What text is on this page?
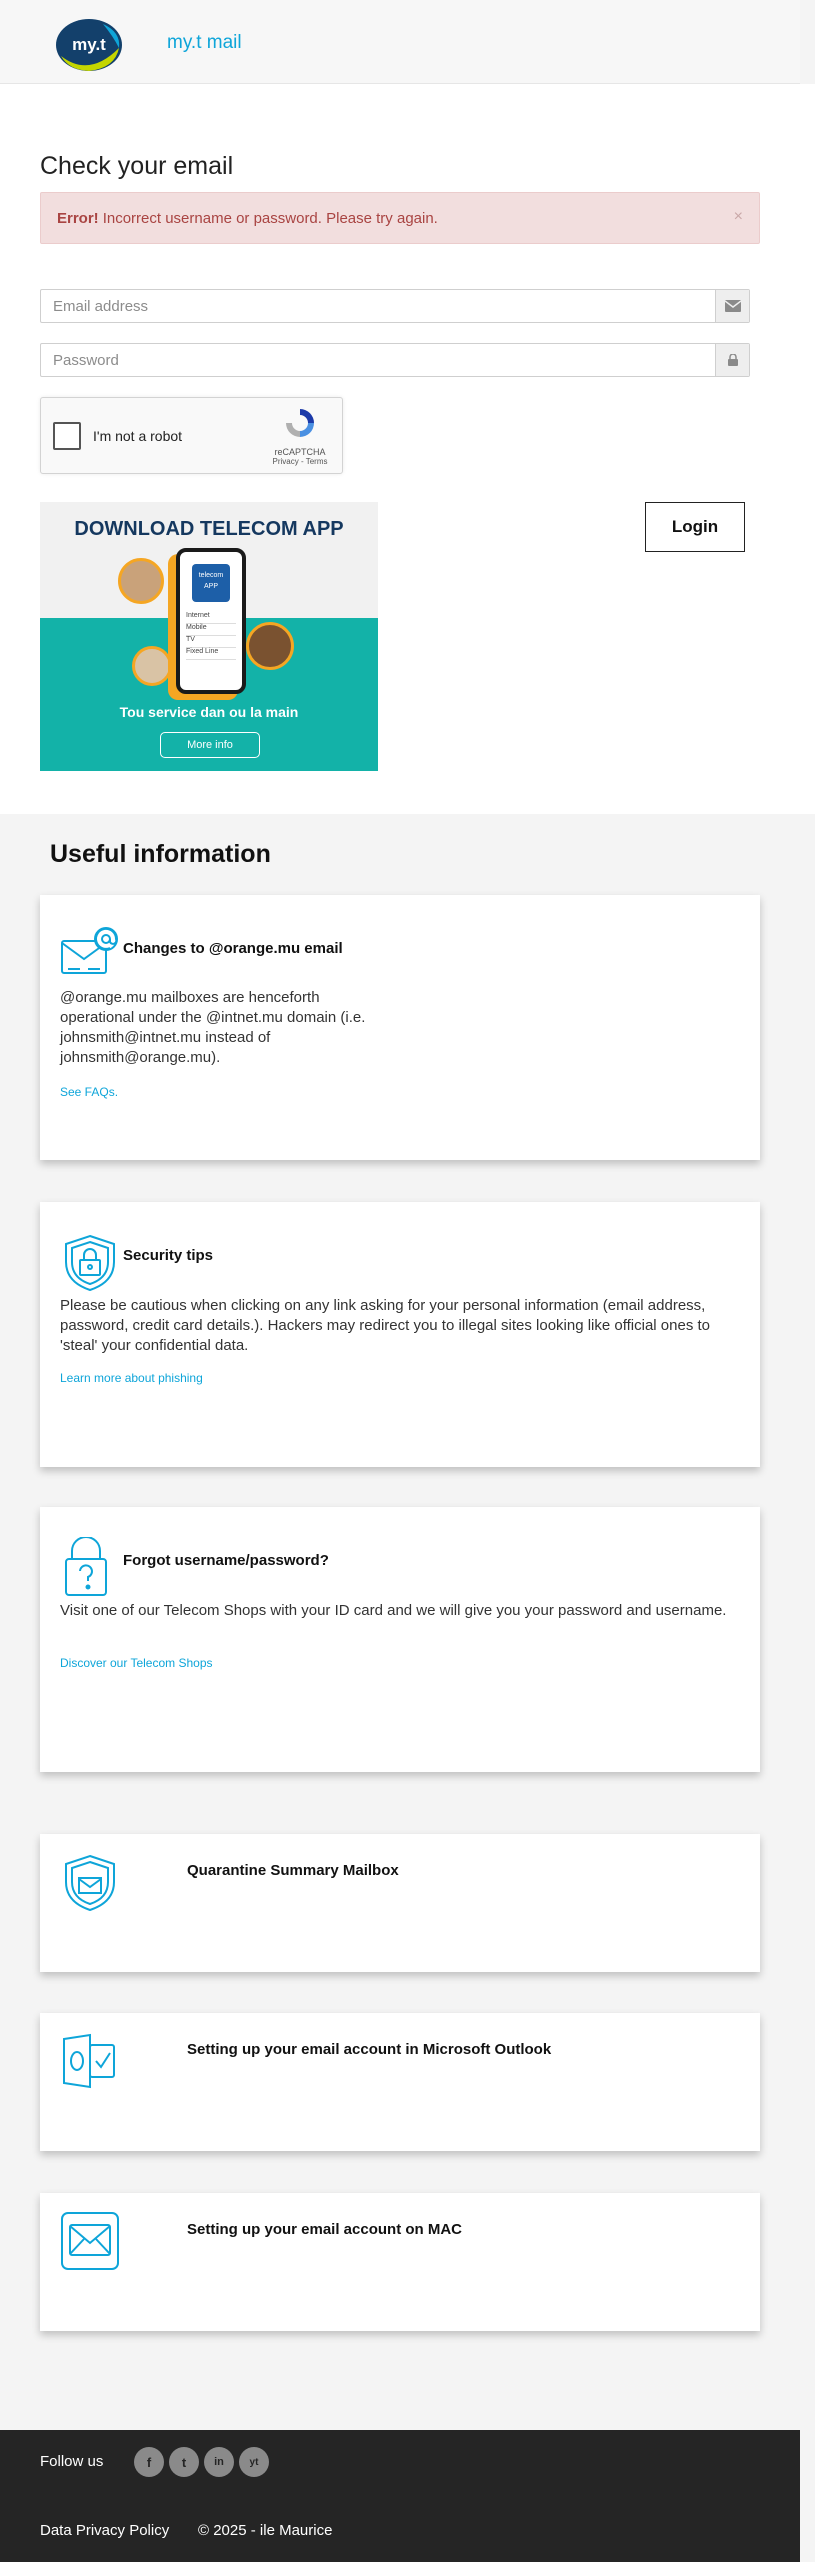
my.t	my.t mail
Check your email
Error! Incorrect username or password. Please try again.	×
Email address
I'm not a robot
reCAPTCHA
Privacy - Terms
DOWNLOAD TELECOM APP
telecom APP
Internet
Mobile
TV
Fixed Line
Tou service dan ou la main
More info
Login
Useful information
Changes to @orange.mu email
@orange.mu mailboxes are henceforth operational under the @intnet.mu domain (i.e. johnsmith@intnet.mu instead of johnsmith@orange.mu).
See FAQs.
Security tips
Please be cautious when clicking on any link asking for your personal information (email address, password, credit card details.). Hackers may redirect you to illegal sites looking like official ones to 'steal' your confidential data.
Learn more about phishing
Forgot username/password?
Visit one of our Telecom Shops with your ID card and we will give you your password and username.
Discover our Telecom Shops
Quarantine Summary Mailbox
Setting up your email account in Microsoft Outlook
Setting up your email account on MAC
Follow us	f	t	in	yt
Data Privacy Policy © 2025 - ile Maurice
